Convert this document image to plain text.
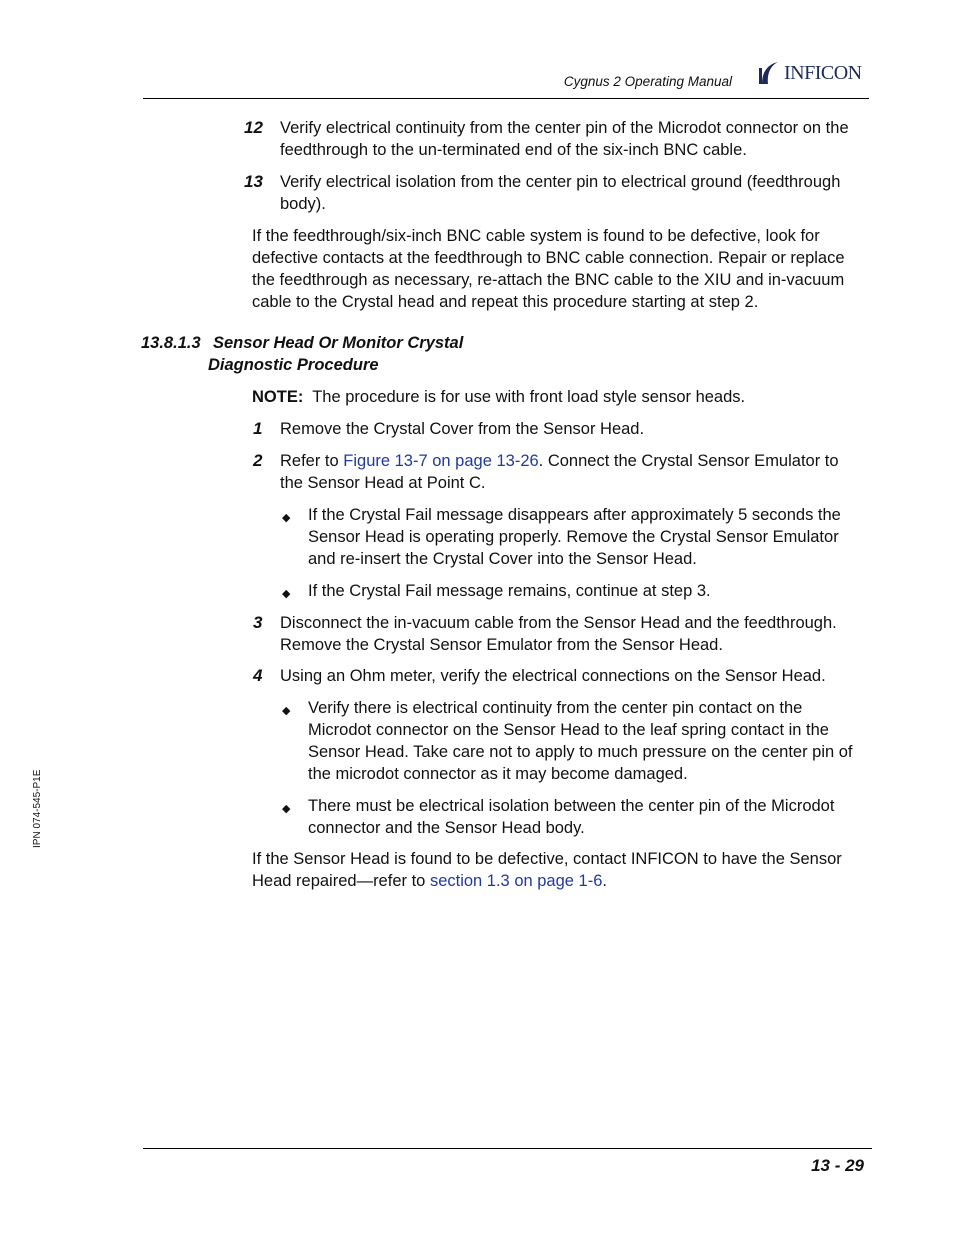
Cygnus 2 Operating Manual	INFICON
12 Verify electrical continuity from the center pin of the Microdot connector on the
feedthrough to the un-terminated end of the six-inch BNC cable.
13 Verify electrical isolation from the center pin to electrical ground (feedthrough
body).
If the feedthrough/six-inch BNC cable system is found to be defective, look for
defective contacts at the feedthrough to BNC cable connection. Repair or replace
the feedthrough as necessary, re-attach the BNC cable to the XIU and in-vacuum
cable to the Crystal head and repeat this procedure starting at step 2.
13.8.1.3 Sensor Head Or Monitor Crystal
Diagnostic Procedure
NOTE: The procedure is for use with front load style sensor heads.
1 Remove the Crystal Cover from the Sensor Head.
2 Refer to Figure 13-7 on page 13-26. Connect the Crystal Sensor Emulator to
the Sensor Head at Point C.
◆ If the Crystal Fail message disappears after approximately 5 seconds the
Sensor Head is operating properly. Remove the Crystal Sensor Emulator
and re-insert the Crystal Cover into the Sensor Head.
◆ If the Crystal Fail message remains, continue at step 3.
3 Disconnect the in-vacuum cable from the Sensor Head and the feedthrough.
Remove the Crystal Sensor Emulator from the Sensor Head.
4 Using an Ohm meter, verify the electrical connections on the Sensor Head.
◆ Verify there is electrical continuity from the center pin contact on the
Microdot connector on the Sensor Head to the leaf spring contact in the
Sensor Head. Take care not to apply to much pressure on the center pin of
the microdot connector as it may become damaged.
◆ There must be electrical isolation between the center pin of the Microdot
connector and the Sensor Head body.
If the Sensor Head is found to be defective, contact INFICON to have the Sensor
Head repaired—refer to section 1.3 on page 1-6.
IPN 074-545-P1E
13 - 29
